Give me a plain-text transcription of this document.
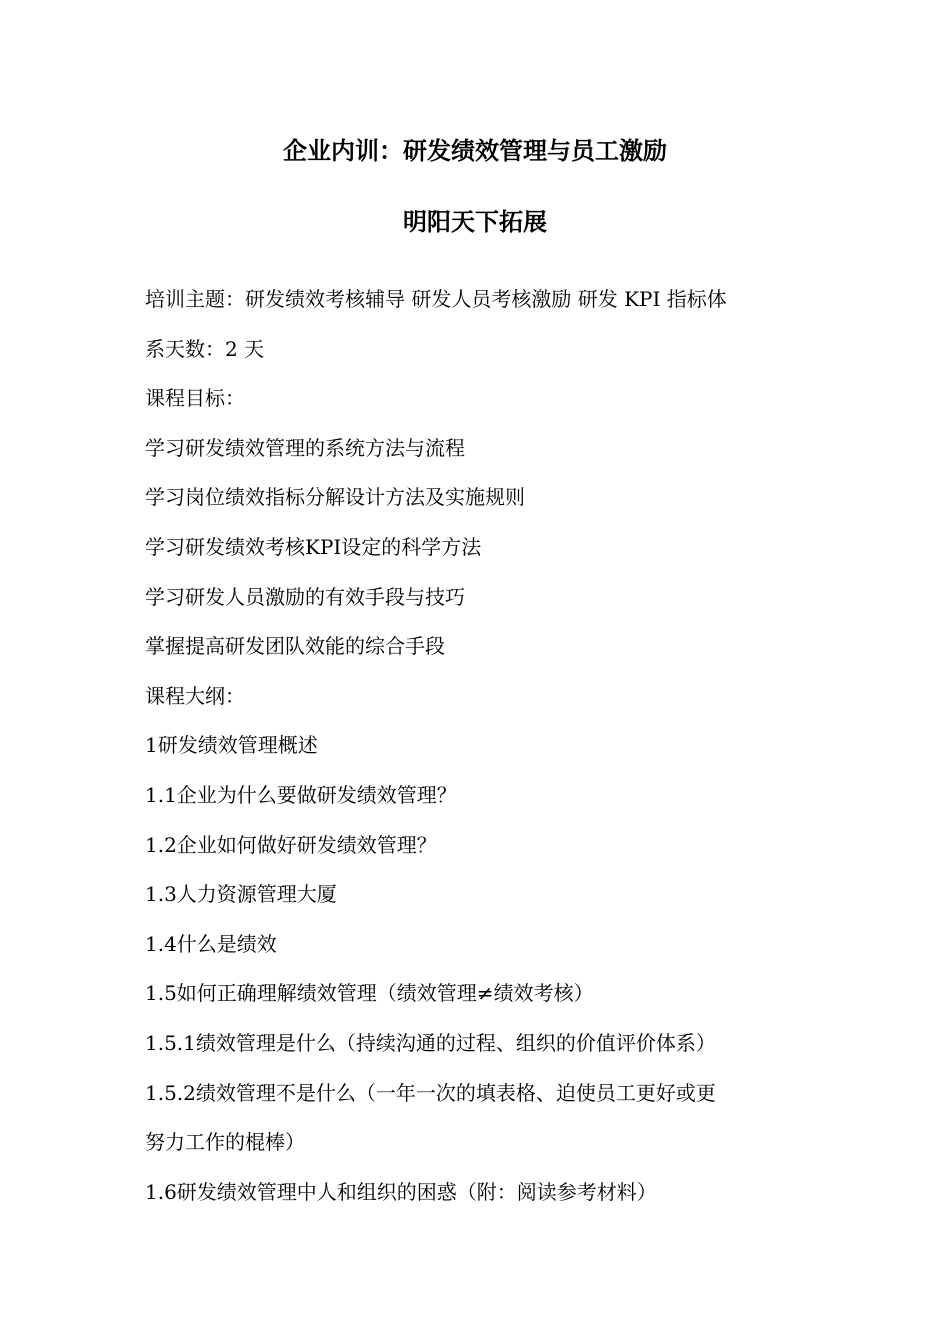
企业内训：研发绩效管理与员工激励
明阳天下拓展

培训主题：研发绩效考核辅导 研发人员考核激励 研发 KPI 指标体

系天数：2 天

课程目标：

学习研发绩效管理的系统方法与流程

学习岗位绩效指标分解设计方法及实施规则

学习研发绩效考核KPI设定的科学方法

学习研发人员激励的有效手段与技巧

掌握提高研发团队效能的综合手段

课程大纲：

1研发绩效管理概述

1.1企业为什么要做研发绩效管理？

1.2企业如何做好研发绩效管理？

1.3人力资源管理大厦

1.4什么是绩效

1.5如何正确理解绩效管理（绩效管理≠绩效考核）

1.5.1绩效管理是什么（持续沟通的过程、组织的价值评价体系）

1.5.2绩效管理不是什么（一年一次的填表格、迫使员工更好或更

努力工作的棍棒）

1.6研发绩效管理中人和组织的困惑（附：阅读参考材料）
